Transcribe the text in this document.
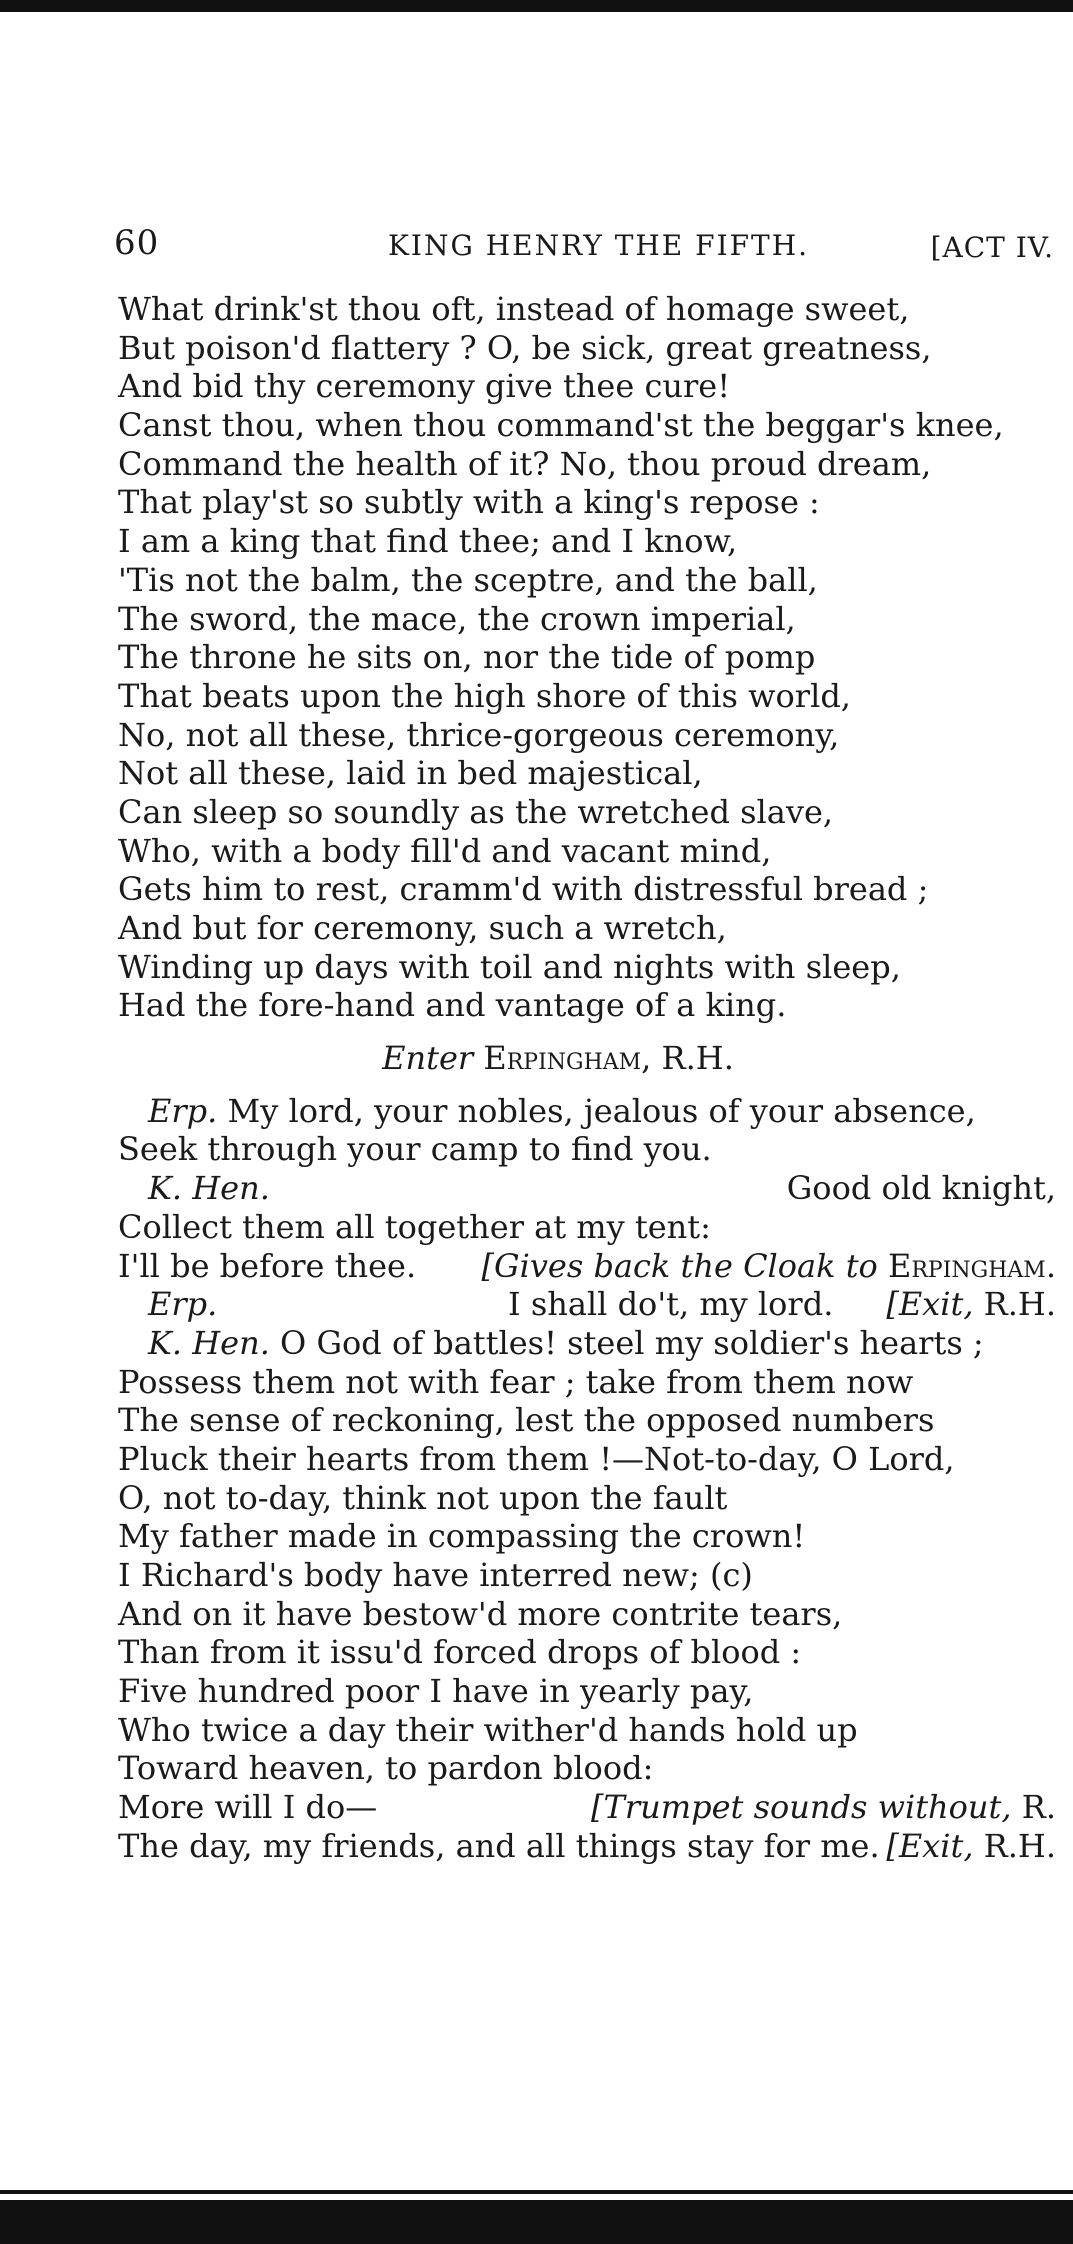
60	KING HENRY THE FIFTH.	[ACT IV.
What drink'st thou oft, instead of homage sweet,
But poison'd flattery ? O, be sick, great greatness,
And bid thy ceremony give thee cure!
Canst thou, when thou command'st the beggar's knee,
Command the health of it? No, thou proud dream,
That play'st so subtly with a king's repose :
I am a king that find thee; and I know,
'Tis not the balm, the sceptre, and the ball,
The sword, the mace, the crown imperial,
The throne he sits on, nor the tide of pomp
That beats upon the high shore of this world,
No, not all these, thrice-gorgeous ceremony,
Not all these, laid in bed majestical,
Can sleep so soundly as the wretched slave,
Who, with a body fill'd and vacant mind,
Gets him to rest, cramm'd with distressful bread ;
And but for ceremony, such a wretch,
Winding up days with toil and nights with sleep,
Had the fore-hand and vantage of a king.
Enter Erpingham, R.H.
Erp. My lord, your nobles, jealous of your absence,
Seek through your camp to find you.
K. Hen.	Good old knight,
Collect them all together at my tent:
I'll be before thee. [Gives back the Cloak to Erpingham.
Erp.	I shall do't, my lord. [Exit, R.H.
K. Hen. O God of battles! steel my soldier's hearts ;
Possess them not with fear ; take from them now
The sense of reckoning, lest the opposed numbers
Pluck their hearts from them !—Not-to-day, O Lord,
O, not to-day, think not upon the fault
My father made in compassing the crown!
I Richard's body have interred new; (c)
And on it have bestow'd more contrite tears,
Than from it issu'd forced drops of blood :
Five hundred poor I have in yearly pay,
Who twice a day their wither'd hands hold up
Toward heaven, to pardon blood:
More will I do—	[Trumpet sounds without, R.
The day, my friends, and all things stay for me. [Exit, R.H.
